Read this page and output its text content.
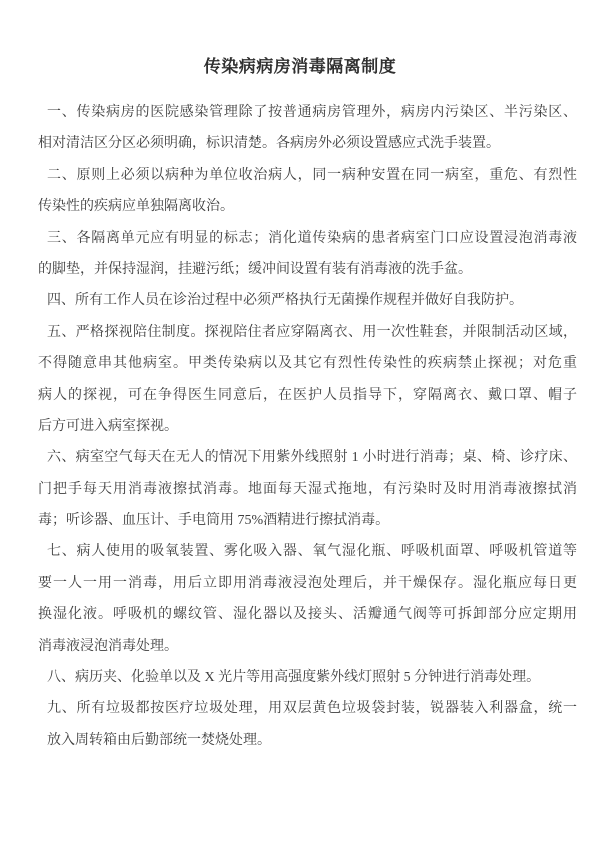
传染病病房消毒隔离制度

一、传染病房的医院感染管理除了按普通病房管理外，病房内污染区、半污染区、
相对清洁区分区必须明确，标识清楚。各病房外必须设置感应式洗手装置。

二、原则上必须以病种为单位收治病人，同一病种安置在同一病室，重危、有烈性
传染性的疾病应单独隔离收治。

三、各隔离单元应有明显的标志；消化道传染病的患者病室门口应设置浸泡消毒液
的脚垫，并保持湿润，挂避污纸；缓冲间设置有装有消毒液的洗手盆。

四、所有工作人员在诊治过程中必须严格执行无菌操作规程并做好自我防护。

五、严格探视陪住制度。探视陪住者应穿隔离衣、用一次性鞋套，并限制活动区域，
不得随意串其他病室。甲类传染病以及其它有烈性传染性的疾病禁止探视；对危重
病人的探视，可在争得医生同意后，在医护人员指导下，穿隔离衣、戴口罩、帽子
后方可进入病室探视。

六、病室空气每天在无人的情况下用紫外线照射 1 小时进行消毒；桌、椅、诊疗床、
门把手每天用消毒液擦拭消毒。地面每天湿式拖地，有污染时及时用消毒液擦拭消
毒；听诊器、血压计、手电筒用 75%酒精进行擦拭消毒。

七、病人使用的吸氧装置、雾化吸入器、氧气湿化瓶、呼吸机面罩、呼吸机管道等
要一人一用一消毒，用后立即用消毒液浸泡处理后，并干燥保存。湿化瓶应每日更
换湿化液。呼吸机的螺纹管、湿化器以及接头、活瓣通气阀等可拆卸部分应定期用
消毒液浸泡消毒处理。

八、病历夹、化验单以及 X 光片等用高强度紫外线灯照射 5 分钟进行消毒处理。

九、所有垃圾都按医疗垃圾处理，用双层黄色垃圾袋封装，锐器装入利器盒，统一
放入周转箱由后勤部统一焚烧处理。
